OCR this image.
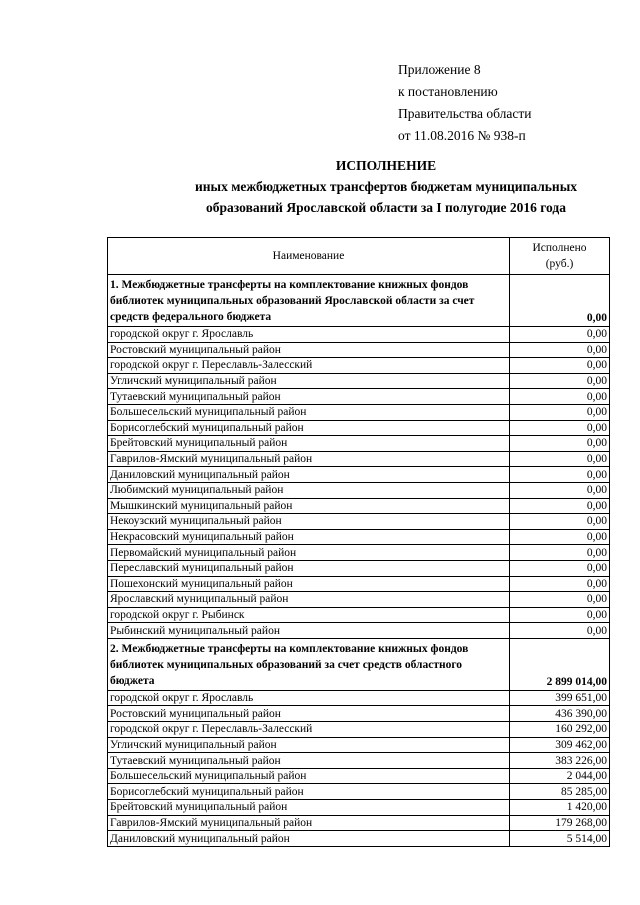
Приложение 8
к постановлению
Правительства области
от 11.08.2016 № 938-п
ИСПОЛНЕНИЕ
иных межбюджетных трансфертов бюджетам муниципальных
образований Ярославской области за I полугодие 2016 года
Наименование	Исполнено
(руб.)
1. Межбюджетные трансферты на комплектование книжных фондов библиотек муниципальных образований Ярославской области за счет средств федерального бюджета	0,00
городской округ г. Ярославль	0,00
Ростовский муниципальный район	0,00
городской округ г. Переславль-Залесский	0,00
Угличский муниципальный район	0,00
Тутаевский муниципальный район	0,00
Большесельский муниципальный район	0,00
Борисоглебский муниципальный район	0,00
Брейтовский муниципальный район	0,00
Гаврилов-Ямский муниципальный район	0,00
Даниловский муниципальный район	0,00
Любимский муниципальный район	0,00
Мышкинский муниципальный район	0,00
Некоузский муниципальный район	0,00
Некрасовский муниципальный район	0,00
Первомайский муниципальный район	0,00
Переславский муниципальный район	0,00
Пошехонский муниципальный район	0,00
Ярославский муниципальный район	0,00
городской округ г. Рыбинск	0,00
Рыбинский муниципальный район	0,00
2. Межбюджетные трансферты на комплектование книжных фондов библиотек муниципальных образований за счет средств областного бюджета	2 899 014,00
городской округ г. Ярославль	399 651,00
Ростовский муниципальный район	436 390,00
городской округ г. Переславль-Залесский	160 292,00
Угличский муниципальный район	309 462,00
Тутаевский муниципальный район	383 226,00
Большесельский муниципальный район	2 044,00
Борисоглебский муниципальный район	85 285,00
Брейтовский муниципальный район	1 420,00
Гаврилов-Ямский муниципальный район	179 268,00
Даниловский муниципальный район	5 514,00
